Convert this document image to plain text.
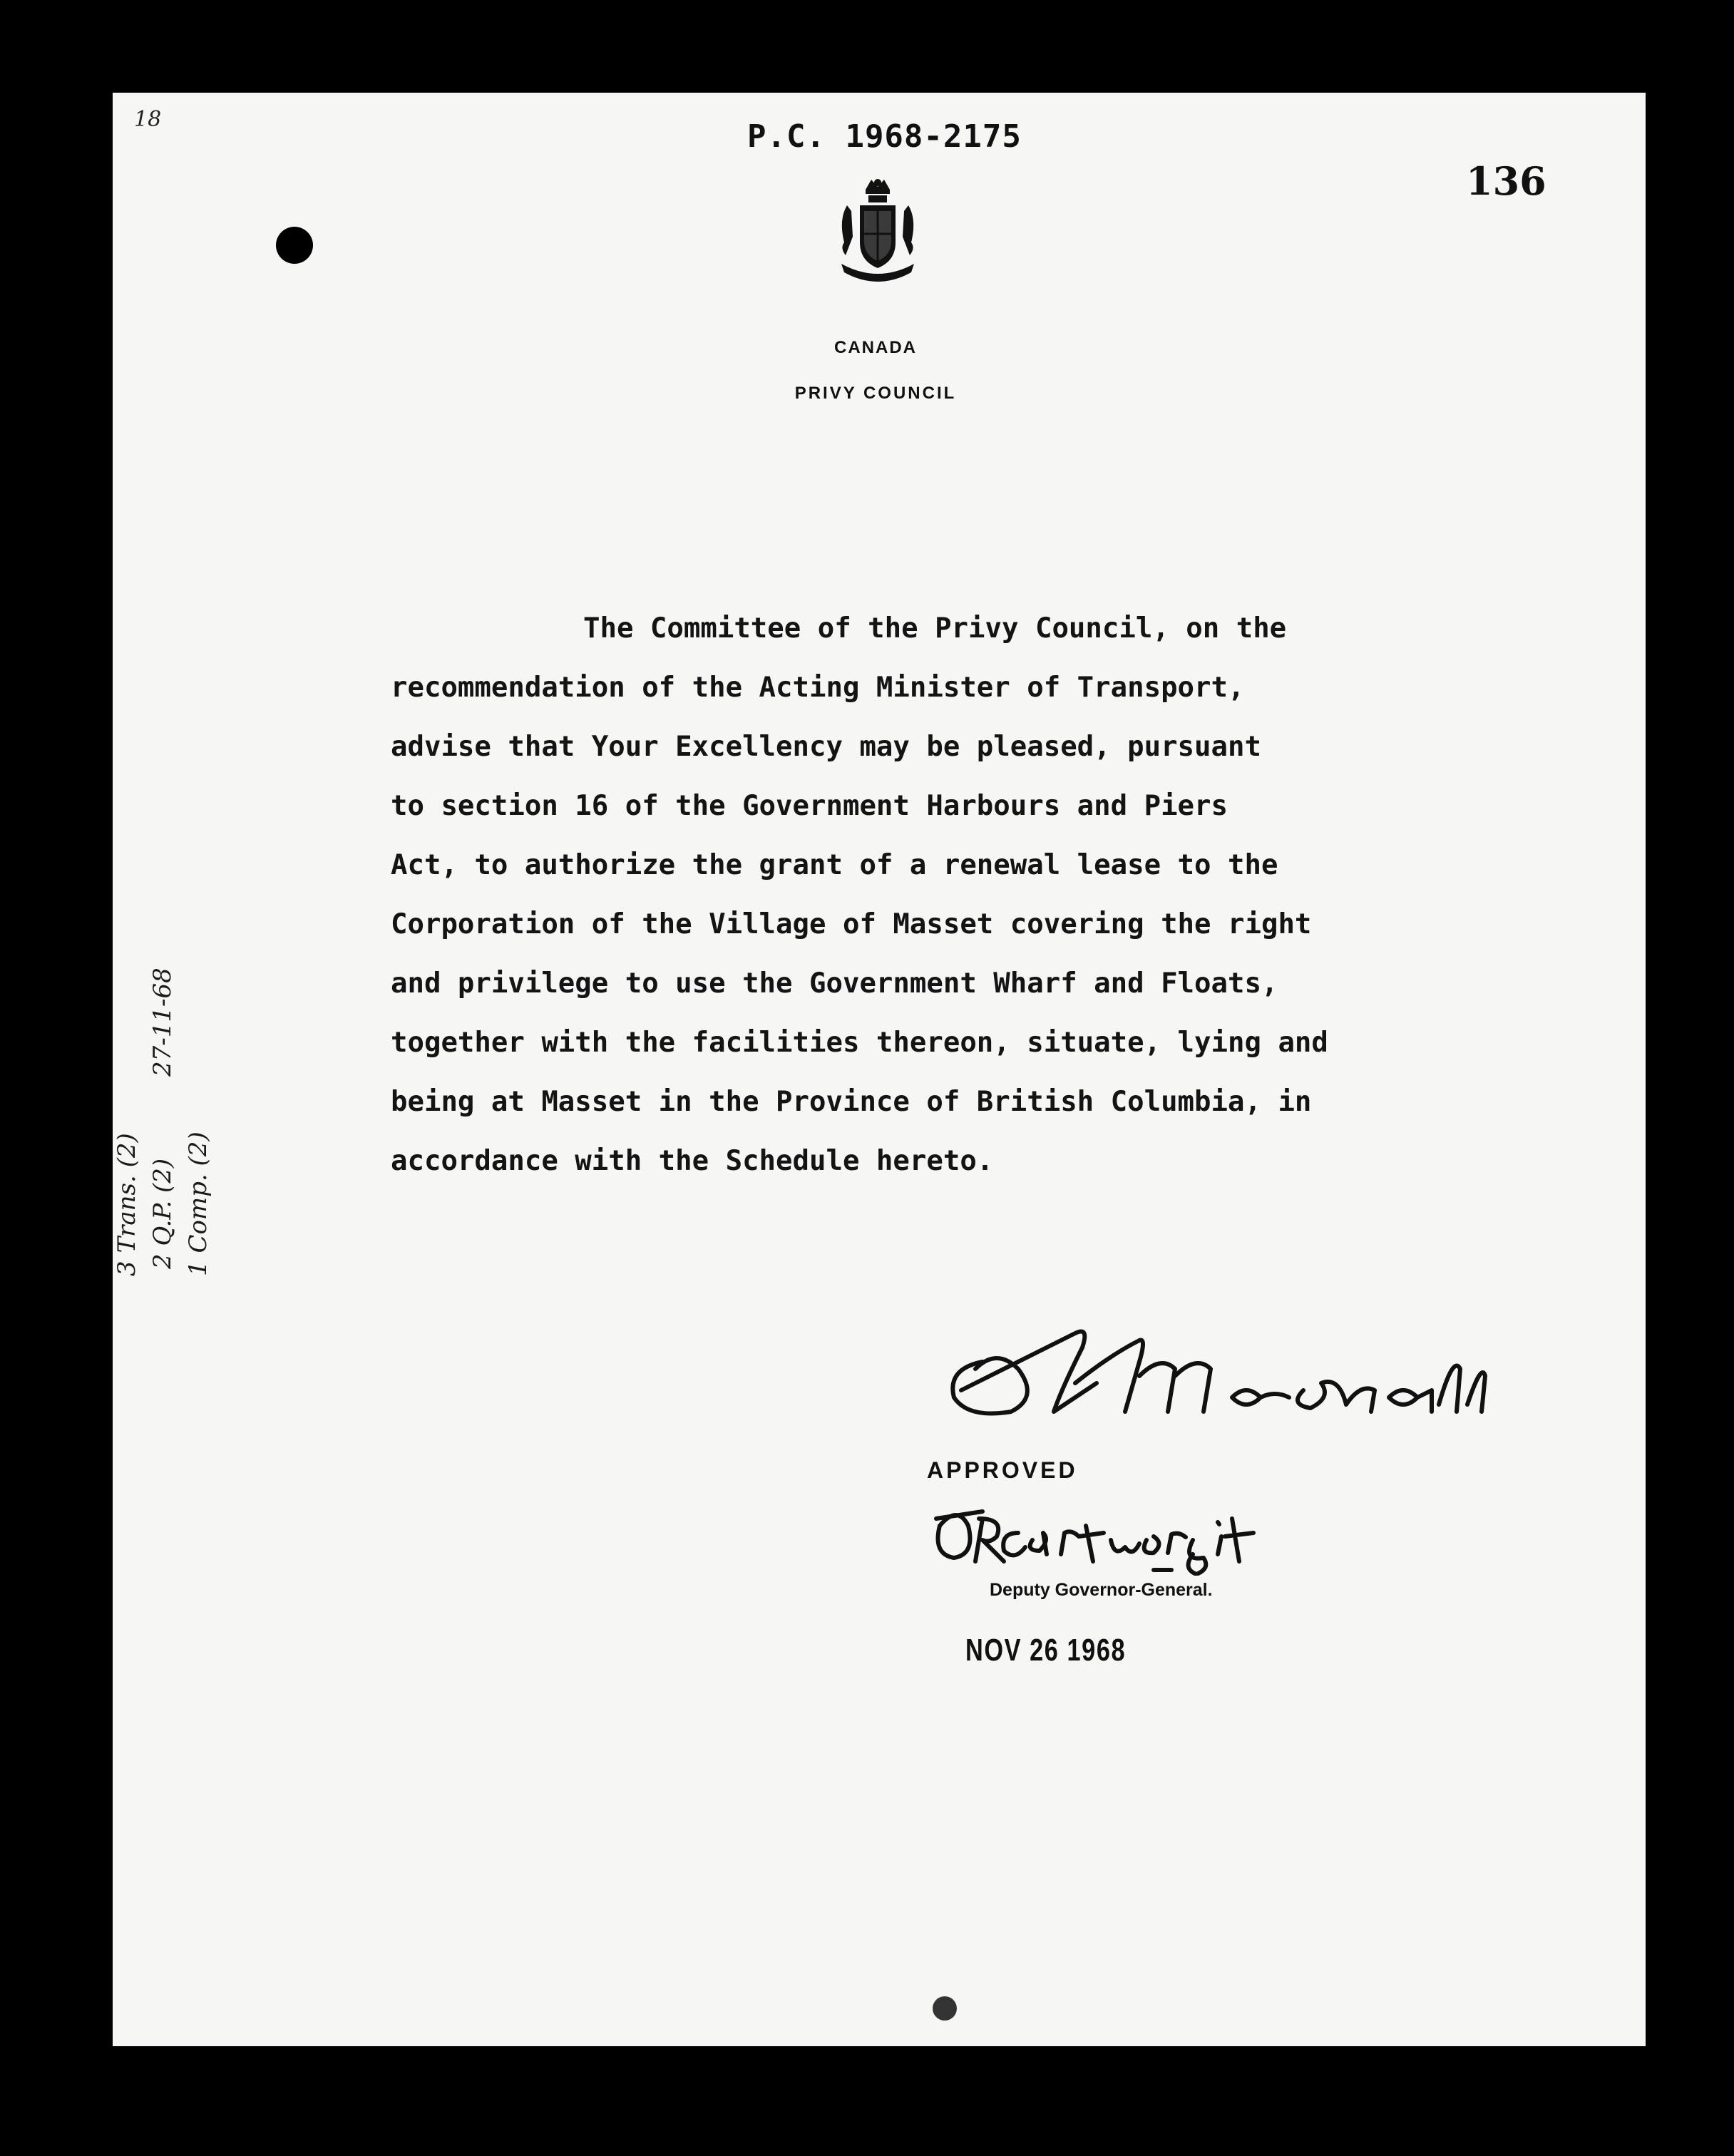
18	P.C. 1968-2175
136
CANADA
PRIVY COUNCIL
The Committee of the Privy Council, on the
recommendation of the Acting Minister of Transport,
advise that Your Excellency may be pleased, pursuant
to section 16 of the Government Harbours and Piers
Act, to authorize the grant of a renewal lease to the
Corporation of the Village of Masset covering the right
and privilege to use the Government Wharf and Floats,
together with the facilities thereon, situate, lying and
being at Masset in the Province of British Columbia, in
accordance with the Schedule hereto.
APPROVED
Deputy Governor-General.
NOV 26 1968
27-11-68
3 Trans. (2) 2 Q.P. (2) 1 Comp. (2)
